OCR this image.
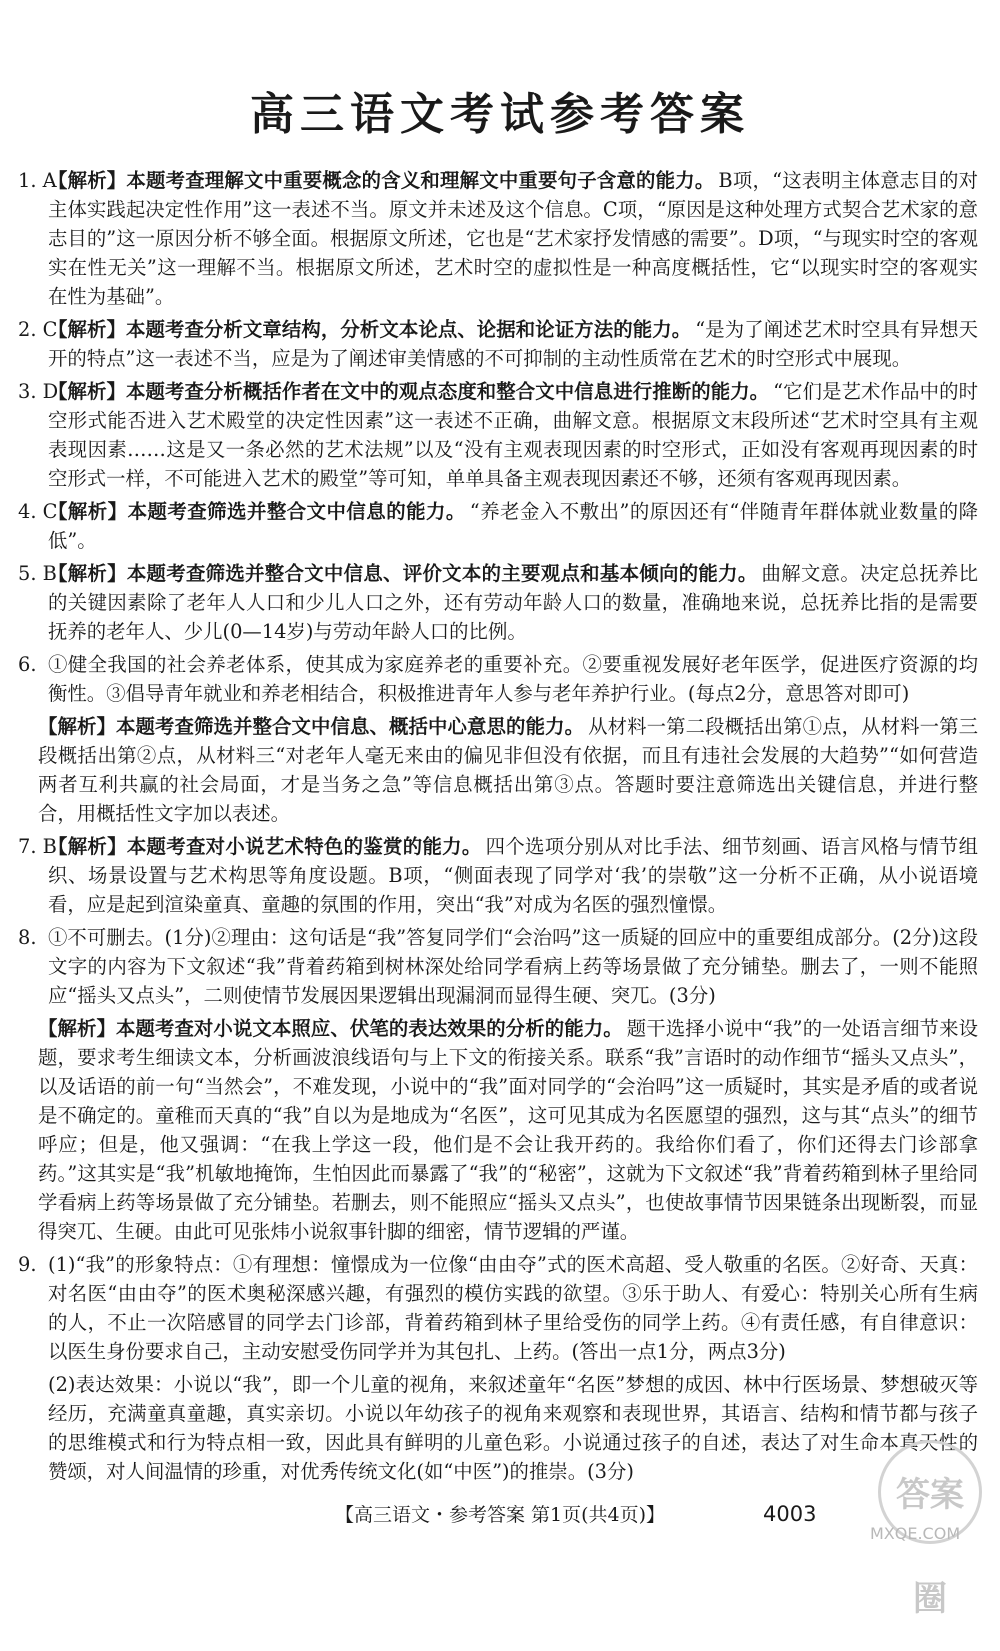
高三语文考试参考答案
1. A
【解析】本题考查理解文中重要概念的含义和理解文中重要句子含意的能力。 B项，“这表明主体意志目的对主体实践起决定性作用”这一表述不当。原文并未述及这个信息。C项，“原因是这种处理方式契合艺术家的意志目的”这一原因分析不够全面。根据原文所述，它也是“艺术家抒发情感的需要”。D项，“与现实时空的客观实在性无关”这一理解不当。根据原文所述，艺术时空的虚拟性是一种高度概括性，它“以现实时空的客观实在性为基础”。
2. C
【解析】本题考查分析文章结构，分析文本论点、论据和论证方法的能力。 “是为了阐述艺术时空具有异想天开的特点”这一表述不当，应是为了阐述审美情感的不可抑制的主动性质常在艺术的时空形式中展现。
3. D
【解析】本题考查分析概括作者在文中的观点态度和整合文中信息进行推断的能力。 “它们是艺术作品中的时空形式能否进入艺术殿堂的决定性因素”这一表述不正确，曲解文意。根据原文末段所述“艺术时空具有主观表现因素……这是又一条必然的艺术法规”以及“没有主观表现因素的时空形式，正如没有客观再现因素的时空形式一样，不可能进入艺术的殿堂”等可知，单单具备主观表现因素还不够，还须有客观再现因素。
4. C
【解析】本题考查筛选并整合文中信息的能力。 “养老金入不敷出”的原因还有“伴随青年群体就业数量的降低”。
5. B
【解析】本题考查筛选并整合文中信息、评价文本的主要观点和基本倾向的能力。 曲解文意。决定总抚养比的关键因素除了老年人人口和少儿人口之外，还有劳动年龄人口的数量，准确地来说，总抚养比指的是需要抚养的老年人、少儿(0—14岁)与劳动年龄人口的比例。
6. ①健全我国的社会养老体系，使其成为家庭养老的重要补充。②要重视发展好老年医学，促进医疗资源的均衡性。③倡导青年就业和养老相结合，积极推进青年人参与老年养护行业。(每点2分，意思答对即可)
【解析】本题考查筛选并整合文中信息、概括中心意思的能力。 从材料一第二段概括出第①点，从材料一第三段概括出第②点，从材料三“对老年人毫无来由的偏见非但没有依据，而且有违社会发展的大趋势”“如何营造两者互利共赢的社会局面，才是当务之急”等信息概括出第③点。答题时要注意筛选出关键信息，并进行整合，用概括性文字加以表述。
7. B
【解析】本题考查对小说艺术特色的鉴赏的能力。 四个选项分别从对比手法、细节刻画、语言风格与情节组织、场景设置与艺术构思等角度设题。B项，“侧面表现了同学对‘我’的崇敬”这一分析不正确，从小说语境看，应是起到渲染童真、童趣的氛围的作用，突出“我”对成为名医的强烈憧憬。
8. ①不可删去。(1分)②理由：这句话是“我”答复同学们“会治吗”这一质疑的回应中的重要组成部分。(2分)这段文字的内容为下文叙述“我”背着药箱到树林深处给同学看病上药等场景做了充分铺垫。删去了，一则不能照应“摇头又点头”，二则使情节发展因果逻辑出现漏洞而显得生硬、突兀。(3分)
【解析】本题考查对小说文本照应、伏笔的表达效果的分析的能力。 题干选择小说中“我”的一处语言细节来设题，要求考生细读文本，分析画波浪线语句与上下文的衔接关系。联系“我”言语时的动作细节“摇头又点头”，以及话语的前一句“当然会”，不难发现，小说中的“我”面对同学的“会治吗”这一质疑时，其实是矛盾的或者说是不确定的。童稚而天真的“我”自以为是地成为“名医”，这可见其成为名医愿望的强烈，这与其“点头”的细节呼应；但是，他又强调：“在我上学这一段，他们是不会让我开药的。我给你们看了，你们还得去门诊部拿药。”这其实是“我”机敏地掩饰，生怕因此而暴露了“我”的“秘密”，这就为下文叙述“我”背着药箱到林子里给同学看病上药等场景做了充分铺垫。若删去，则不能照应“摇头又点头”，也使故事情节因果链条出现断裂，而显得突兀、生硬。由此可见张炜小说叙事针脚的细密，情节逻辑的严谨。
9. (1)“我”的形象特点：①有理想：憧憬成为一位像“由由夺”式的医术高超、受人敬重的名医。②好奇、天真：对名医“由由夺”的医术奥秘深感兴趣，有强烈的模仿实践的欲望。③乐于助人、有爱心：特别关心所有生病的人，不止一次陪感冒的同学去门诊部，背着药箱到林子里给受伤的同学上药。④有责任感，有自律意识：以医生身份要求自己，主动安慰受伤同学并为其包扎、上药。(答出一点1分，两点3分)
(2)表达效果：小说以“我”，即一个儿童的视角，来叙述童年“名医”梦想的成因、林中行医场景、梦想破灭等经历，充满童真童趣，真实亲切。小说以年幼孩子的视角来观察和表现世界，其语言、结构和情节都与孩子的思维模式和行为特点相一致，因此具有鲜明的儿童色彩。小说通过孩子的自述，表达了对生命本真天性的赞颂，对人间温情的珍重，对优秀传统文化(如“中医”)的推崇。(3分)
【高三语文・参考答案 第1页(共4页)】	4003	答案圈
MXQE.COM
